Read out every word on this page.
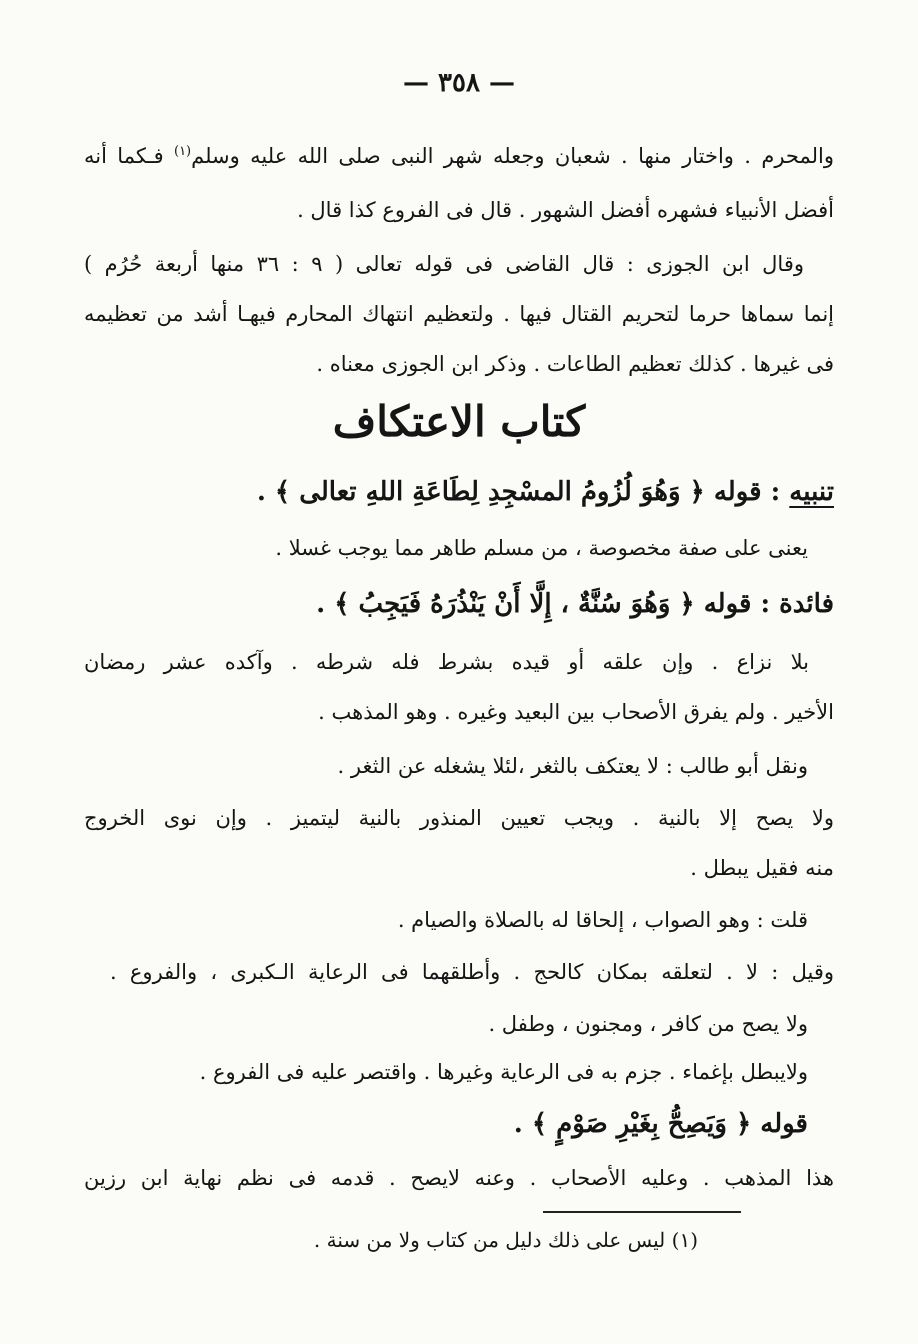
— ٣٥٨ —
والمحرم . واختار منها . شعبان وجعله شهر النبى صلى الله عليه وسلم$^{(١)}$ فـكما أنه
أفضل الأنبياء فشهره أفضل الشهور . قال فى الفروع كذا قال .
وقال ابن الجوزى : قال القاضى فى قوله تعالى ( ٩ : ٣٦ منها أربعة حُرُم )
إنما سماها حرما لتحريم القتال فيها . ولتعظيم انتهاك المحارم فيهـا أشد من تعظيمه
فى غيرها . كذلك تعظيم الطاعات . وذكر ابن الجوزى معناه .
كتاب الاعتكاف
تنبيه : قوله ﴿ وَهُوَ لُزُومُ المسْجِدِ لِطَاعَةِ اللهِ تعالى ﴾ .
يعنى على صفة مخصوصة ، من مسلم طاهر مما يوجب غسلا .
فائدة : قوله ﴿ وَهُوَ سُنَّةٌ ، إِلَّا أَنْ يَنْذُرَهُ فَيَجِبُ ﴾ .
بلا نزاع . وإن علقه أو قيده بشرط فله شرطه . وآكده عشر رمضان
الأخير . ولم يفرق الأصحاب بين البعيد وغيره . وهو المذهب .
ونقل أبو طالب : لا يعتكف بالثغر ،لئلا يشغله عن الثغر .
ولا يصح إلا بالنية . ويجب تعيين المنذور بالنية ليتميز . وإن نوى الخروج
منه فقيل يبطل .
قلت : وهو الصواب ، إلحاقا له بالصلاة والصيام .
وقيل : لا . لتعلقه بمكان كالحج . وأطلقهما فى الرعاية الـكبرى ، والفروع .
ولا يصح من كافر ، ومجنون ، وطفل .
ولايبطل بإغماء . جزم به فى الرعاية وغيرها . واقتصر عليه فى الفروع .
قوله ﴿ وَيَصِحُّ بِغَيْرِ صَوْمٍ ﴾ .
هذا المذهب . وعليه الأصحاب . وعنه لايصح . قدمه فى نظم نهاية ابن رزين
(١) ليس على ذلك دليل من كتاب ولا من سنة .
